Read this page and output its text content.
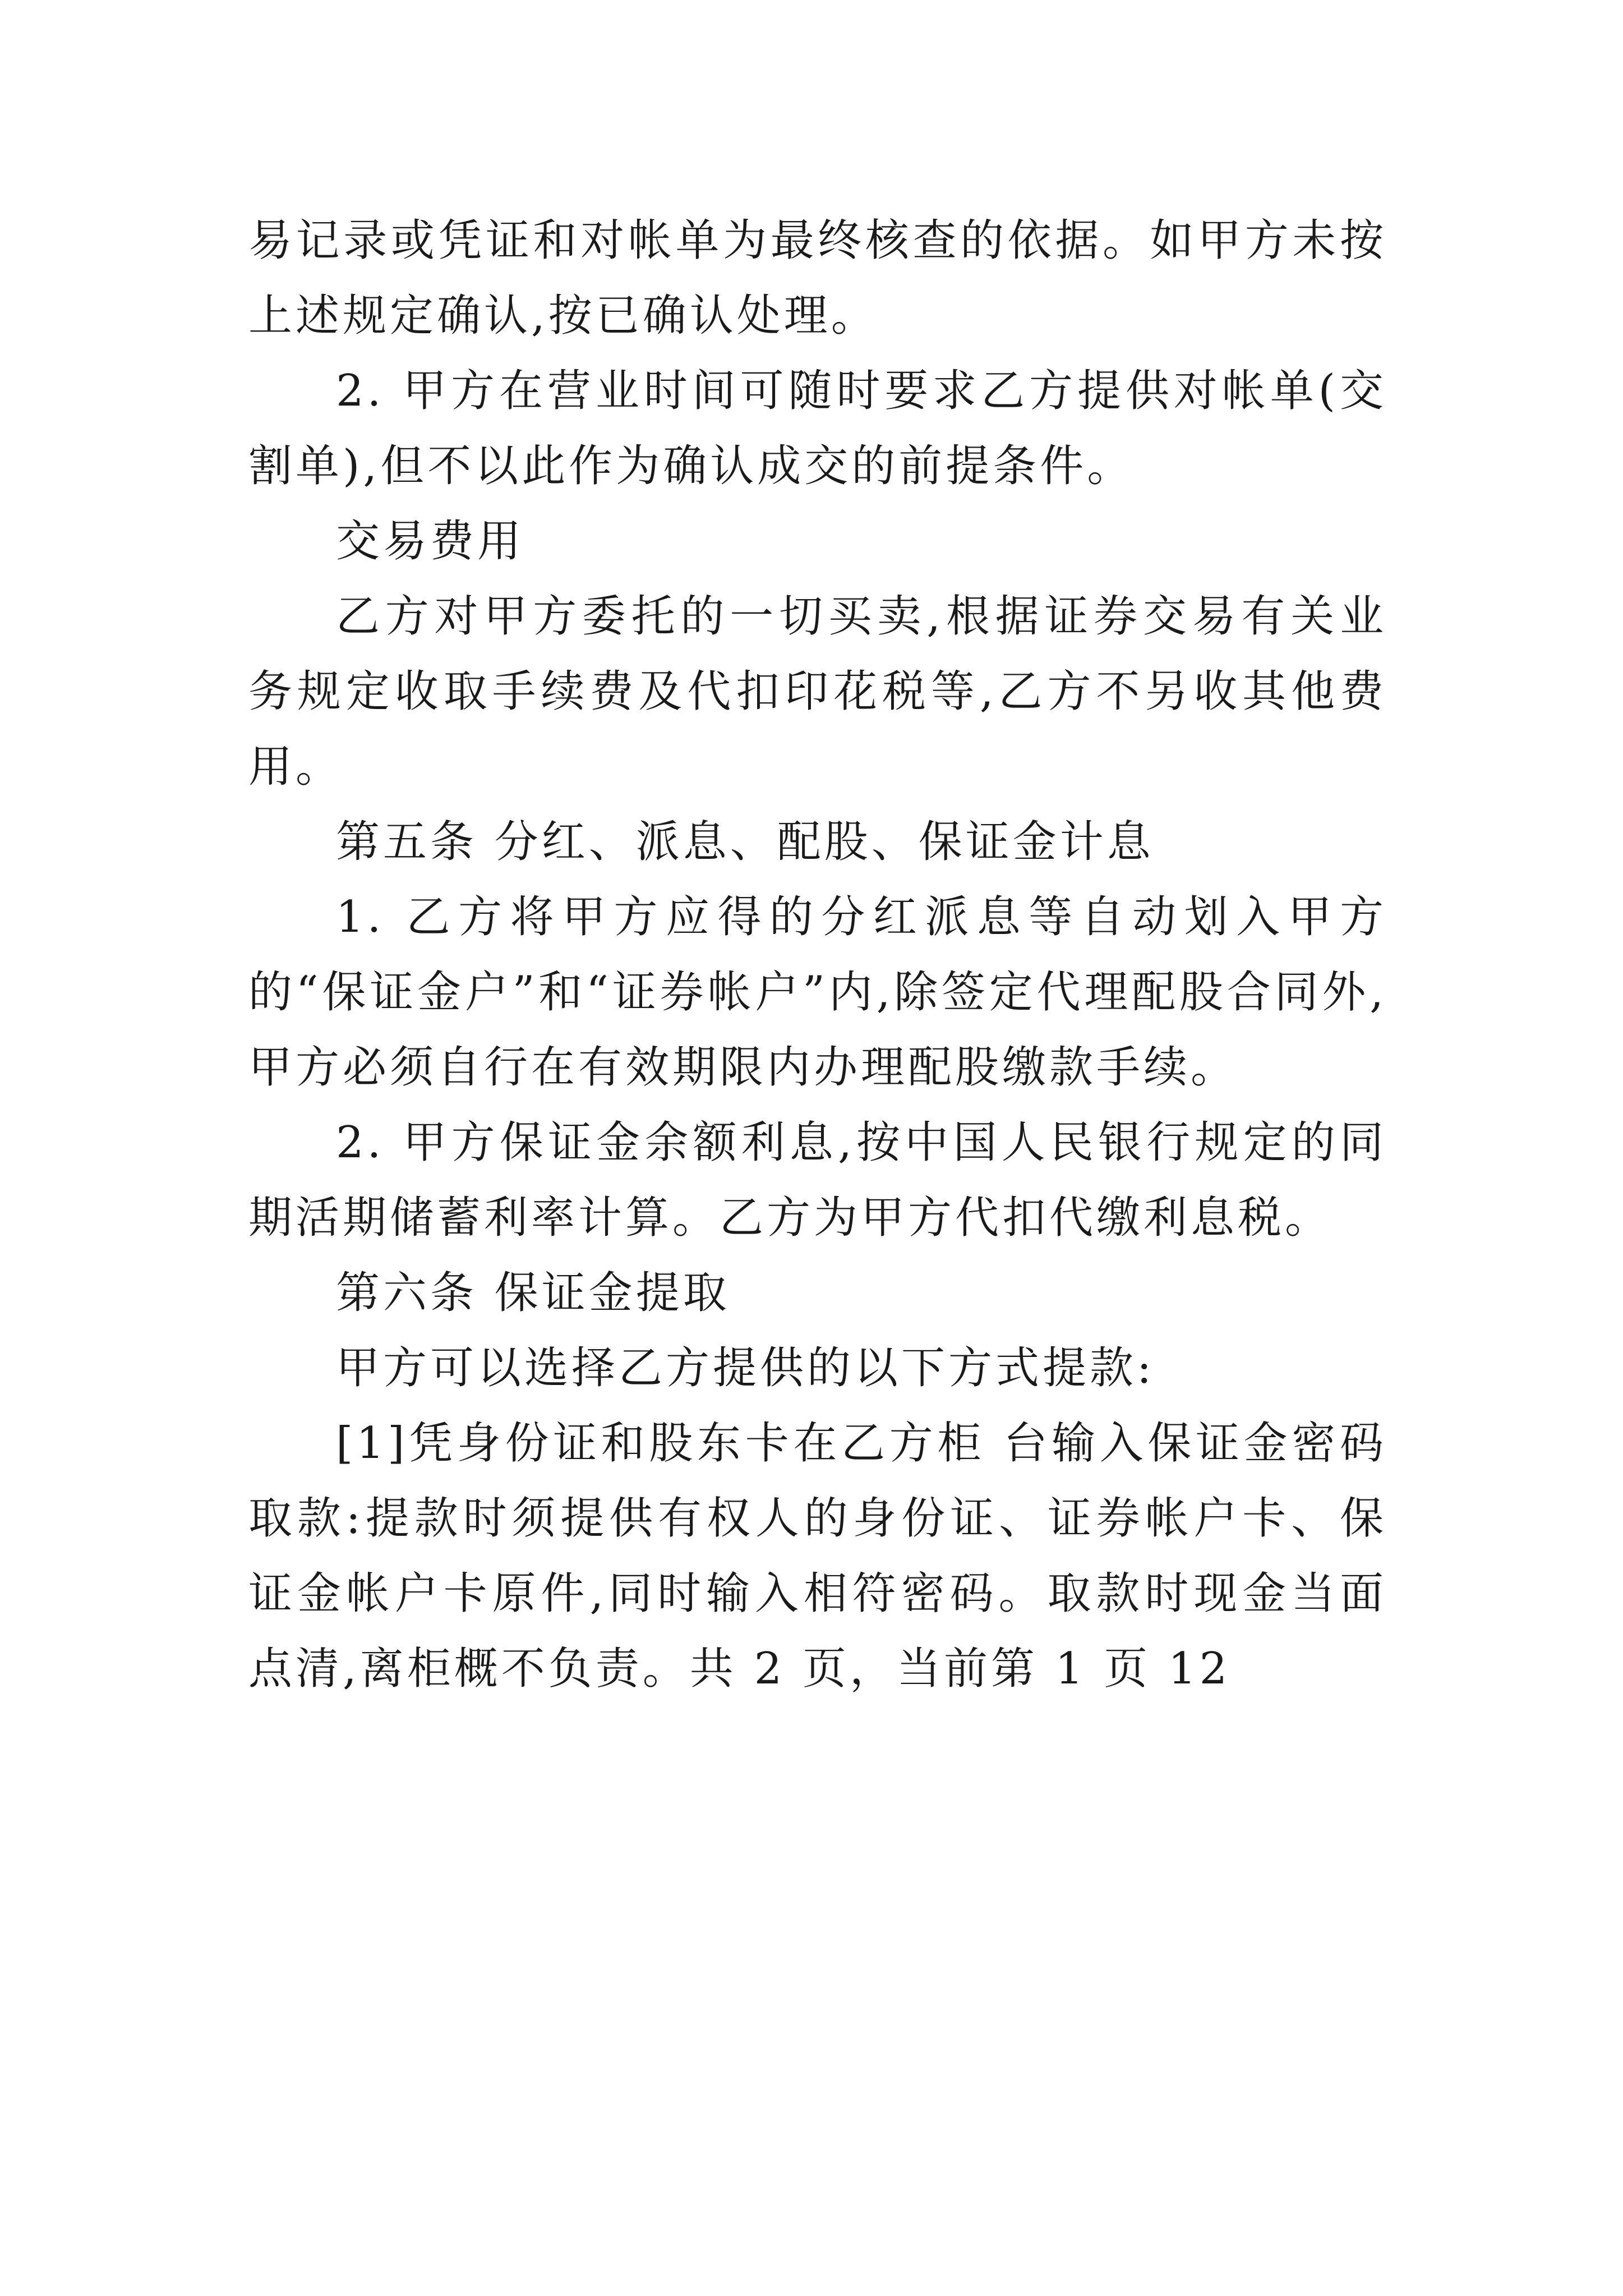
易记录或凭证和对帐单为最终核查的依据。如甲方未按上述规定确认,按已确认处理。

2. 甲方在营业时间可随时要求乙方提供对帐单(交割单),但不以此作为确认成交的前提条件。

交易费用

乙方对甲方委托的一切买卖,根据证券交易有关业务规定收取手续费及代扣印花税等,乙方不另收其他费用。

第五条 分红、派息、配股、保证金计息

1. 乙方将甲方应得的分红派息等自动划入甲方的“保证金户”和“证券帐户”内,除签定代理配股合同外,甲方必须自行在有效期限内办理配股缴款手续。

2. 甲方保证金余额利息,按中国人民银行规定的同期活期储蓄利率计算。乙方为甲方代扣代缴利息税。

第六条 保证金提取

甲方可以选择乙方提供的以下方式提款:

[1]凭身份证和股东卡在乙方柜 台输入保证金密码取款:提款时须提供有权人的身份证、证券帐户卡、保证金帐户卡原件,同时输入相符密码。取款时现金当面点清,离柜概不负责。共 2 页，当前第 1 页 12
